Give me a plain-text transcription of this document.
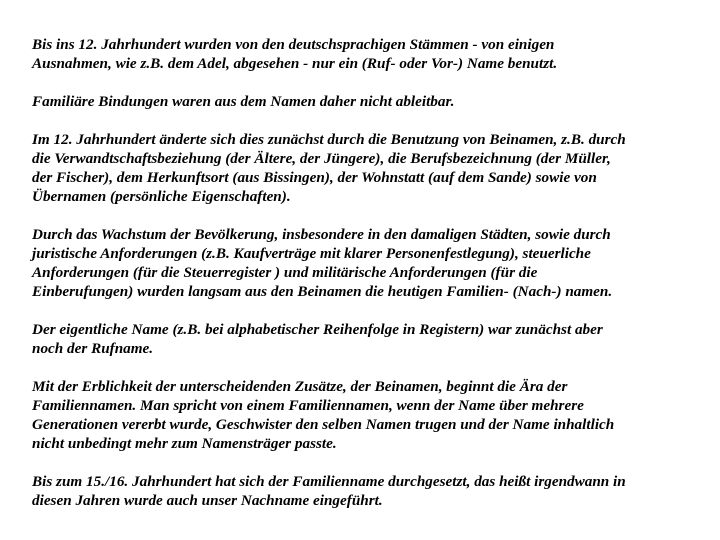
Bis ins 12. Jahrhundert wurden von den deutschsprachigen Stämmen - von einigen
Ausnahmen, wie z.B. dem Adel, abgesehen - nur ein (Ruf- oder Vor-) Name benutzt.

Familiäre Bindungen waren aus dem Namen daher nicht ableitbar.

Im 12. Jahrhundert änderte sich dies zunächst durch die Benutzung von Beinamen, z.B. durch
die Verwandtschaftsbeziehung (der Ältere, der Jüngere), die Berufsbezeichnung (der Müller,
der Fischer), dem Herkunftsort (aus Bissingen), der Wohnstatt (auf dem Sande) sowie von
Übernamen (persönliche Eigenschaften).

Durch das Wachstum der Bevölkerung, insbesondere in den damaligen Städten, sowie durch
juristische Anforderungen (z.B. Kaufverträge mit klarer Personenfestlegung), steuerliche
Anforderungen (für die Steuerregister ) und militärische Anforderungen (für die
Einberufungen) wurden langsam aus den Beinamen die heutigen Familien- (Nach-) namen.

Der eigentliche Name (z.B. bei alphabetischer Reihenfolge in Registern) war zunächst aber
noch der Rufname.

Mit der Erblichkeit der unterscheidenden Zusätze, der Beinamen, beginnt die Ära der
Familiennamen. Man spricht von einem Familiennamen, wenn der Name über mehrere
Generationen vererbt wurde, Geschwister den selben Namen trugen und der Name inhaltlich
nicht unbedingt mehr zum Namensträger passte.

Bis zum 15./16. Jahrhundert hat sich der Familienname durchgesetzt, das heißt irgendwann in
diesen Jahren wurde auch unser Nachname eingeführt.
